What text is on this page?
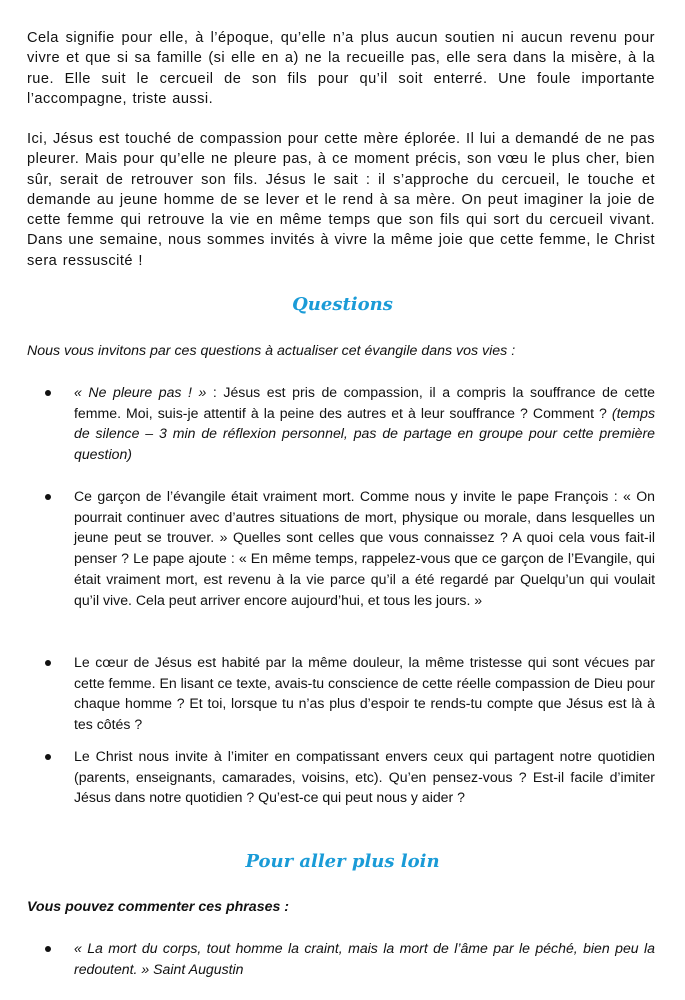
Cela signifie pour elle, à l’époque, qu’elle n’a plus aucun soutien ni aucun revenu pour vivre et que si sa famille (si elle en a) ne la recueille pas, elle sera dans la misère, à la rue. Elle suit le cercueil de son fils pour qu’il soit enterré. Une foule importante l’accompagne, triste aussi.

Ici, Jésus est touché de compassion pour cette mère éplorée. Il lui a demandé de ne pas pleurer. Mais pour qu’elle ne pleure pas, à ce moment précis, son vœu le plus cher, bien sûr, serait de retrouver son fils. Jésus le sait : il s’approche du cercueil, le touche et demande au jeune homme de se lever et le rend à sa mère. On peut imaginer la joie de cette femme qui retrouve la vie en même temps que son fils qui sort du cercueil vivant. Dans une semaine, nous sommes invités à vivre la même joie que cette femme, le Christ sera ressuscité !

Questions

Nous vous invitons par ces questions à actualiser cet évangile dans vos vies :

« Ne pleure pas ! » : Jésus est pris de compassion, il a compris la souffrance de cette femme. Moi, suis-je attentif à la peine des autres et à leur souffrance ? Comment ? (temps de silence – 3 min de réflexion personnel, pas de partage en groupe pour cette première question)
Ce garçon de l’évangile était vraiment mort. Comme nous y invite le pape François : « On pourrait continuer avec d’autres situations de mort, physique ou morale, dans lesquelles un jeune peut se trouver. » Quelles sont celles que vous connaissez ? A quoi cela vous fait-il penser ? Le pape ajoute : « En même temps, rappelez-vous que ce garçon de l’Evangile, qui était vraiment mort, est revenu à la vie parce qu’il a été regardé par Quelqu’un qui voulait qu’il vive. Cela peut arriver encore aujourd’hui, et tous les jours. »
Le cœur de Jésus est habité par la même douleur, la même tristesse qui sont vécues par cette femme. En lisant ce texte, avais-tu conscience de cette réelle compassion de Dieu pour chaque homme ? Et toi, lorsque tu n’as plus d’espoir te rends-tu compte que Jésus est là à tes côtés ?
Le Christ nous invite à l’imiter en compatissant envers ceux qui partagent notre quotidien (parents, enseignants, camarades, voisins, etc). Qu’en pensez-vous ? Est-il facile d’imiter Jésus dans notre quotidien ? Qu’est-ce qui peut nous y aider ?
Pour aller plus loin

Vous pouvez commenter ces phrases :

« La mort du corps, tout homme la craint, mais la mort de l’âme par le péché, bien peu la redoutent. » Saint Augustin
